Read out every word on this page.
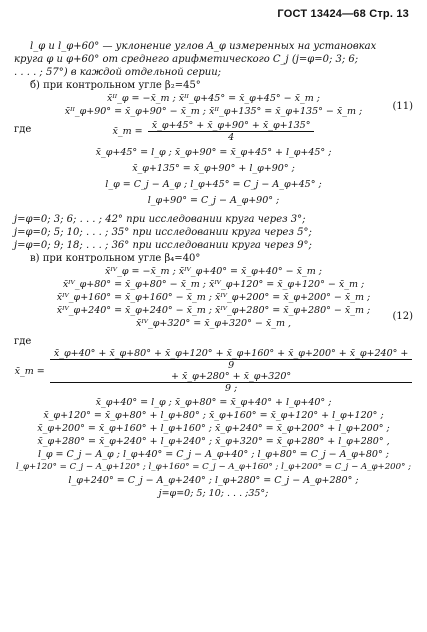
ГОСТ 13424—68 Стр. 13
l_φ и l_φ+60° — уклонение углов A_φ измеренных на установках
круга φ и φ+60° от среднего арифметического C_j (j=φ=0; 3; 6;
. . . . ; 57°) в каждой отдельной серии;
б) при контрольном угле β₂=45°
x̄ᴵᴵ_φ = −x̄_m ; x̄ᴵᴵ_φ+45° = x̄_φ+45° − x̄_m ;
x̄ᴵᴵ_φ+90° = x̄_φ+90° − x̄_m ; x̄ᴵᴵ_φ+135° = x̄_φ+135° − x̄_m ;	(11)
где	x̄_m = $\frac{x̄\_\varphi+45^\circ + x̄\_\varphi+90^\circ + x̄\_\varphi+135^\circ}{4}$
x̄_φ+45° = l_φ ; x̄_φ+90° = x̄_φ+45° + l_φ+45° ;
x̄_φ+135° = x̄_φ+90° + l_φ+90° ;
l_φ = C_j − A_φ ; l_φ+45° = C_j − A_φ+45° ;
l_φ+90° = C_j − A_φ+90° ;
j=φ=0; 3; 6; . . . ; 42° при исследовании круга через 3°;
j=φ=0; 5; 10; . . . ; 35° при исследовании круга через 5°;
j=φ=0; 9; 18; . . . ; 36° при исследовании круга через 9°;
в) при контрольном угле β₄=40°
x̄ᴵⱽ_φ = −x̄_m ; x̄ᴵⱽ_φ+40° = x̄_φ+40° − x̄_m ;
x̄ᴵⱽ_φ+80° = x̄_φ+80° − x̄_m ; x̄ᴵⱽ_φ+120° = x̄_φ+120° − x̄_m ;
x̄ᴵⱽ_φ+160° = x̄_φ+160° − x̄_m ; x̄ᴵⱽ_φ+200° = x̄_φ+200° − x̄_m ;
x̄ᴵⱽ_φ+240° = x̄_φ+240° − x̄_m ; x̄ᴵⱽ_φ+280° = x̄_φ+280° − x̄_m ;
x̄ᴵⱽ_φ+320° = x̄_φ+320° − x̄_m ,
(12)
где
x̄_m =
x̄_φ+40° + x̄_φ+80° + x̄_φ+120° + x̄_φ+160° + x̄_φ+200° + x̄_φ+240° +
9
+ x̄_φ+280° + x̄_φ+320°
9 ;
x̄_φ+40° = l_φ ; x̄_φ+80° = x̄_φ+40° + l_φ+40° ;
x̄_φ+120° = x̄_φ+80° + l_φ+80° ; x̄_φ+160° = x̄_φ+120° + l_φ+120° ;
x̄_φ+200° = x̄_φ+160° + l_φ+160° ; x̄_φ+240° = x̄_φ+200° + l_φ+200° ;
x̄_φ+280° = x̄_φ+240° + l_φ+240° ; x̄_φ+320° = x̄_φ+280° + l_φ+280° ,
l_φ = C_j − A_φ ; l_φ+40° = C_j − A_φ+40° ; l_φ+80° = C_j − A_φ+80° ;
l_φ+120° = C_j − A_φ+120° ; l_φ+160° = C_j − A_φ+160° ; l_φ+200° = C_j − A_φ+200° ;
l_φ+240° = C_j − A_φ+240° ; l_φ+280° = C_j − A_φ+280° ;
j=φ=0; 5; 10; . . . ;35°;
